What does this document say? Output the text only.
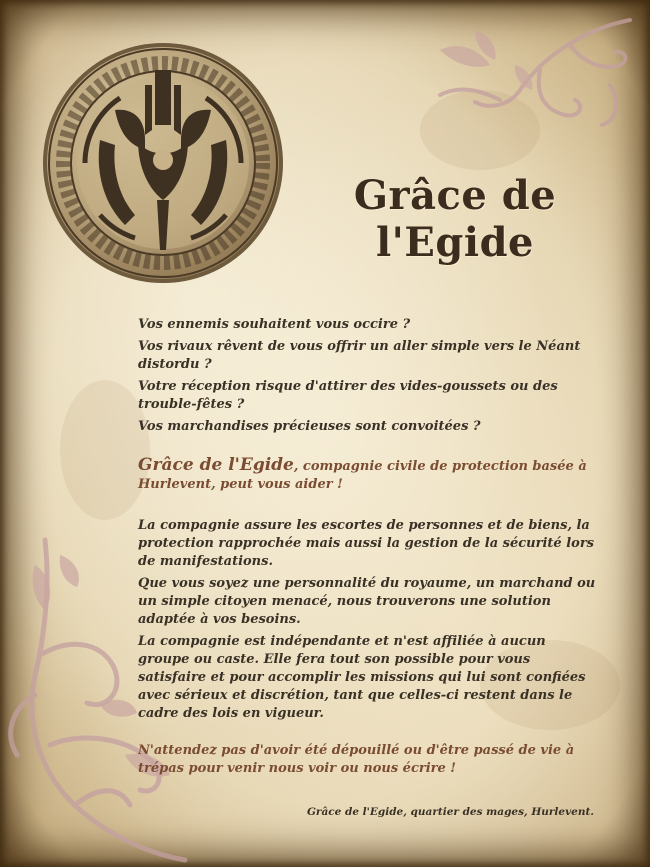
Grâce de l'Egide

Vos ennemis souhaitent vous occire ?

Vos rivaux rêvent de vous offrir un aller simple vers le Néant distordu ?

Votre réception risque d'attirer des vides-goussets ou des trouble-fêtes ?

Vos marchandises précieuses sont convoitées ?

Grâce de l'Egide, compagnie civile de protection basée à Hurlevent, peut vous aider !

La compagnie assure les escortes de personnes et de biens, la protection rapprochée mais aussi la gestion de la sécurité lors de manifestations.

Que vous soyez une personnalité du royaume, un marchand ou un simple citoyen menacé, nous trouverons une solution adaptée à vos besoins.

La compagnie est indépendante et n'est affiliée à aucun groupe ou caste. Elle fera tout son possible pour vous satisfaire et pour accomplir les missions qui lui sont confiées avec sérieux et discrétion, tant que celles-ci restent dans le cadre des lois en vigueur.

N'attendez pas d'avoir été dépouillé ou d'être passé de vie à trépas pour venir nous voir ou nous écrire !

Grâce de l'Egide, quartier des mages, Hurlevent.
